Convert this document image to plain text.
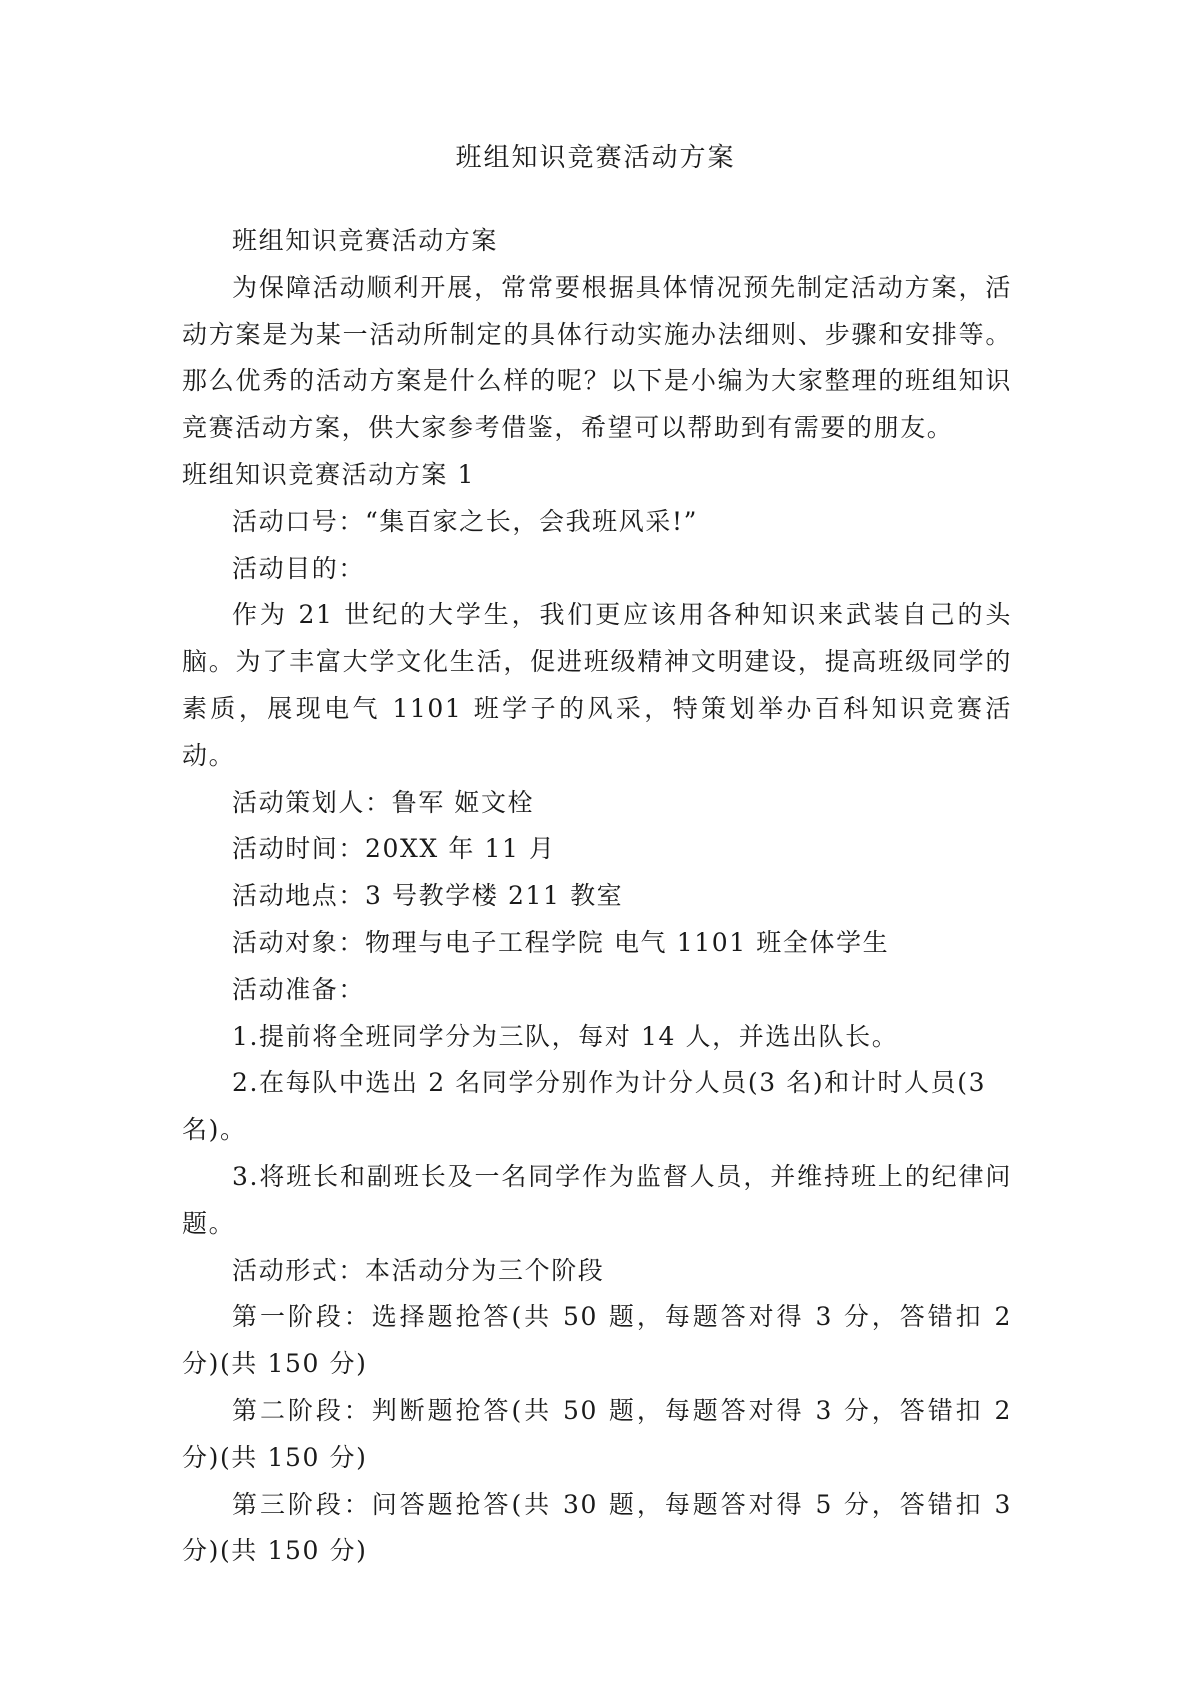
班组知识竞赛活动方案

班组知识竞赛活动方案

为保障活动顺利开展，常常要根据具体情况预先制定活动方案，活动方案是为某一活动所制定的具体行动实施办法细则、步骤和安排等。那么优秀的活动方案是什么样的呢？以下是小编为大家整理的班组知识竞赛活动方案，供大家参考借鉴，希望可以帮助到有需要的朋友。

班组知识竞赛活动方案 1

活动口号：“集百家之长，会我班风采!”

活动目的：

作为 21 世纪的大学生，我们更应该用各种知识来武装自己的头脑。为了丰富大学文化生活，促进班级精神文明建设，提高班级同学的素质，展现电气 1101 班学子的风采，特策划举办百科知识竞赛活动。

活动策划人：鲁军 姬文栓

活动时间：20XX 年 11 月

活动地点：3 号教学楼 211 教室

活动对象：物理与电子工程学院 电气 1101 班全体学生

活动准备：

1.提前将全班同学分为三队，每对 14 人，并选出队长。

2.在每队中选出 2 名同学分别作为计分人员(3 名)和计时人员(3 名)。

3.将班长和副班长及一名同学作为监督人员，并维持班上的纪律问题。

活动形式：本活动分为三个阶段

第一阶段：选择题抢答(共 50 题，每题答对得 3 分，答错扣 2 分)(共 150 分)

第二阶段：判断题抢答(共 50 题，每题答对得 3 分，答错扣 2 分)(共 150 分)

第三阶段：问答题抢答(共 30 题，每题答对得 5 分，答错扣 3 分)(共 150 分)
